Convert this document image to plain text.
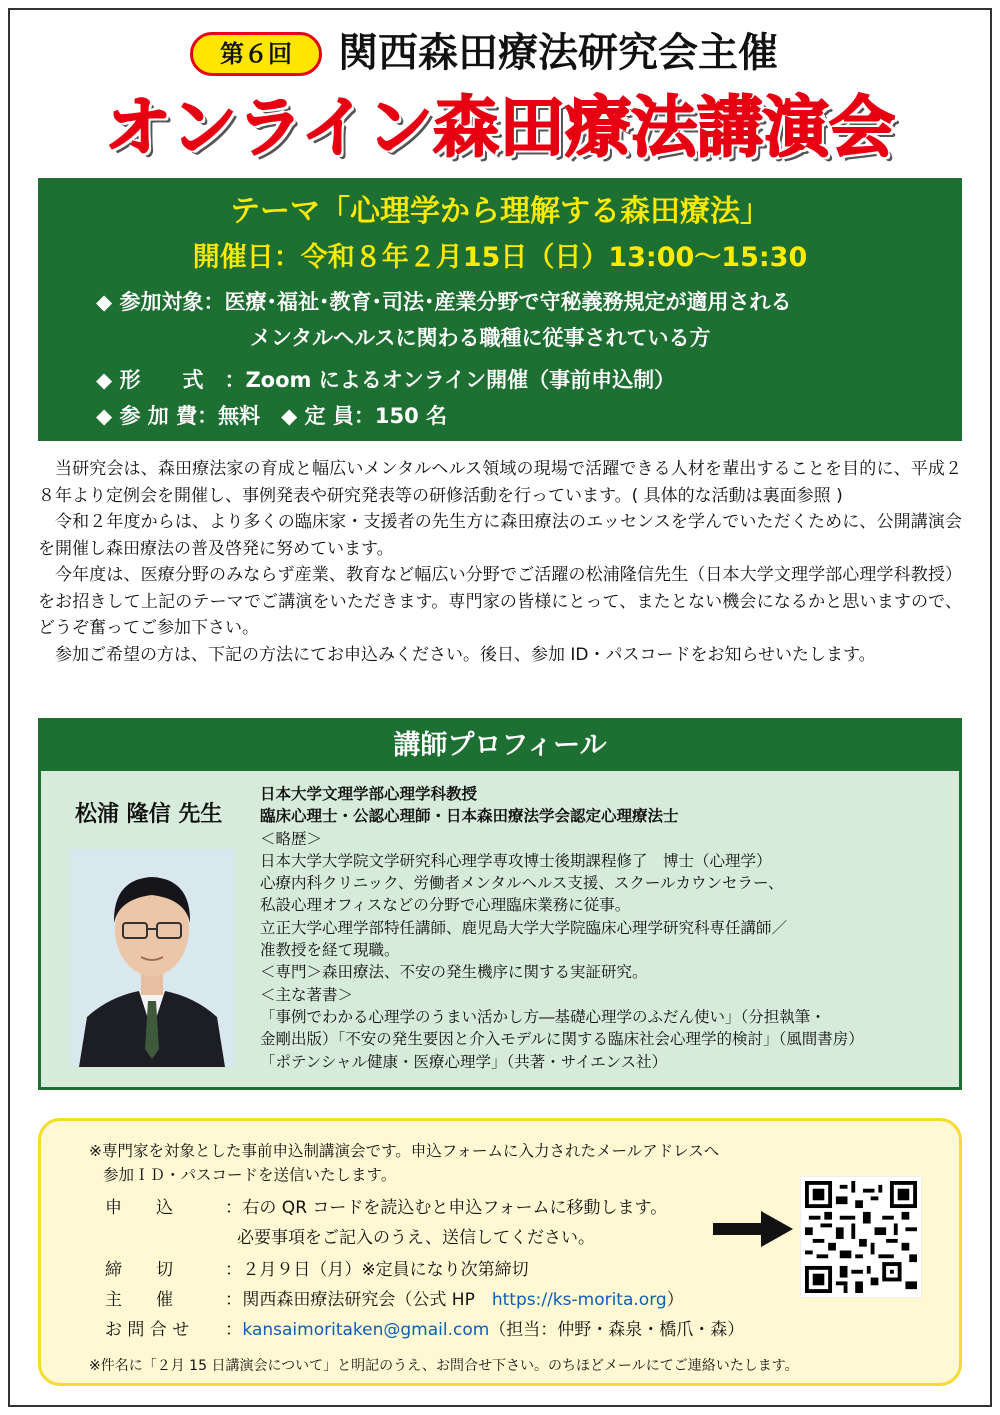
第６回	関西森田療法研究会主催
オンライン森田療法講演会
テーマ「心理学から理解する森田療法」
開催日：令和８年２月15日（日）13:00～15:30
◆ 参加対象：医療･福祉･教育･司法･産業分野で守秘義務規定が適用される
メンタルヘルスに関わる職種に従事されている方
◆ 形　　式　：Zoom によるオンライン開催（事前申込制）
◆ 参 加 費：無料　◆ 定 員：150 名

当研究会は、森田療法家の育成と幅広いメンタルヘルス領域の現場で活躍できる人材を輩出することを目的に、平成２８年より定例会を開催し、事例発表や研究発表等の研修活動を行っています。( 具体的な活動は裏面参照 )

令和２年度からは、より多くの臨床家・支援者の先生方に森田療法のエッセンスを学んでいただくために、公開講演会を開催し森田療法の普及啓発に努めています。

今年度は、医療分野のみならず産業、教育など幅広い分野でご活躍の松浦隆信先生（日本大学文理学部心理学科教授）をお招きして上記のテーマでご講演をいただきます。専門家の皆様にとって、またとない機会になるかと思いますので、どうぞ奮ってご参加下さい。

参加ご希望の方は、下記の方法にてお申込みください。後日、参加 ID・パスコードをお知らせいたします。

講師プロフィール
松浦 隆信 先生
日本大学文理学部心理学科教授
臨床心理士・公認心理師・日本森田療法学会認定心理療法士
＜略歴＞
日本大学大学院文学研究科心理学専攻博士後期課程修了　博士（心理学）
心療内科クリニック、労働者メンタルヘルス支援、スクールカウンセラー、
私設心理オフィスなどの分野で心理臨床業務に従事。
立正大学心理学部特任講師、鹿児島大学大学院臨床心理学研究科専任講師／
准教授を経て現職。
＜専門＞森田療法、不安の発生機序に関する実証研究。
＜主な著書＞
「事例でわかる心理学のうまい活かし方―基礎心理学のふだん使い」（分担執筆・
金剛出版）「不安の発生要因と介入モデルに関する臨床社会心理学的検討」（風間書房）
「ポテンシャル健康・医療心理学」（共著・サイエンス社）
※専門家を対象とした事前申込制講演会です。申込フォームに入力されたメールアドレスへ
参加ＩＤ・パスコードを送信いたします。
申　　込	： 右の QR コードを読込むと申込フォームに移動します。
必要事項をご記入のうえ、送信してください。
締　　切	： ２月９日（月）※定員になり次第締切
主　　催	： 関西森田療法研究会（公式 HP　https://ks-morita.org）
お 問 合 せ ： kansaimoritaken@gmail.com（担当：仲野・森泉・橋爪・森）
※件名に「２月 15 日講演会について」と明記のうえ、お問合せ下さい。のちほどメールにてご連絡いたします。
